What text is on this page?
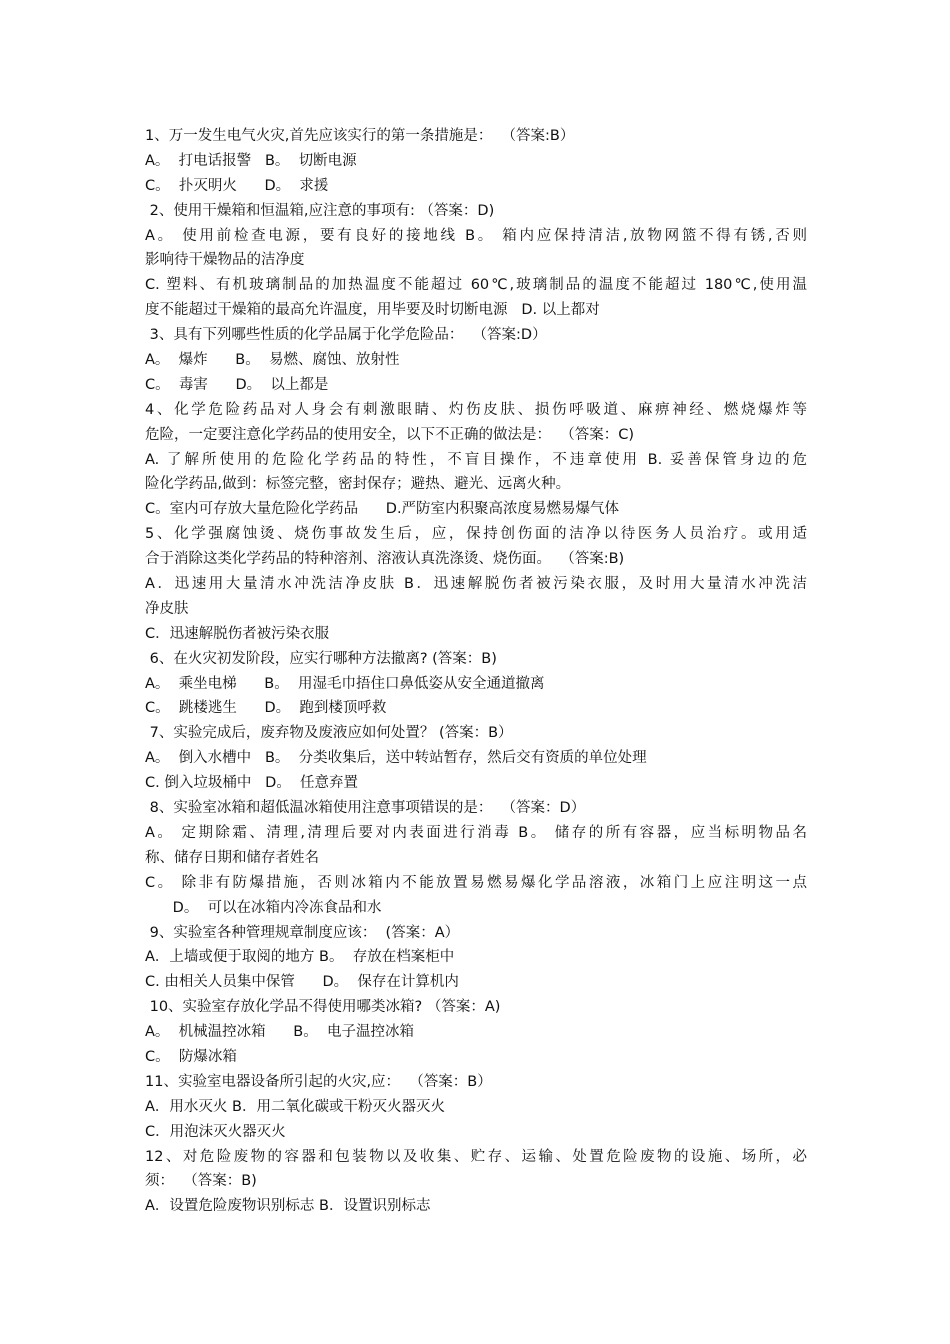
1、万一发生电气火灾,首先应该实行的第一条措施是：  （答案:B）
A。  打电话报警   B。  切断电源
C。  扑灭明火      D。  求援
2、使用干燥箱和恒温箱,应注意的事项有: （答案：D)
A。 使用前检查电源，要有良好的接地线 B。 箱内应保持清洁,放物网篮不得有锈,否则
影响待干燥物品的洁净度
C. 塑料、有机玻璃制品的加热温度不能超过 60℃,玻璃制品的温度不能超过 180℃,使用温
度不能超过干燥箱的最高允许温度，用毕要及时切断电源   D. 以上都对
3、具有下列哪些性质的化学品属于化学危险品：  （答案:D）
A。  爆炸      B。  易燃、腐蚀、放射性
C。  毒害      D。  以上都是
4、化学危险药品对人身会有刺激眼睛、灼伤皮肤、损伤呼吸道、麻痹神经、燃烧爆炸等
危险，一定要注意化学药品的使用安全，以下不正确的做法是：  （答案：C)
A. 了解所使用的危险化学药品的特性，不盲目操作，不违章使用 B. 妥善保管身边的危
险化学药品,做到：标签完整，密封保存；避热、避光、远离火种。
C。室内可存放大量危险化学药品      D.严防室内积聚高浓度易燃易爆气体
5、化学强腐蚀烫、烧伤事故发生后，应，保持创伤面的洁净以待医务人员治疗。或用适
合于消除这类化学药品的特种溶剂、溶液认真洗涤烫、烧伤面。  （答案:B)
A．迅速用大量清水冲洗洁净皮肤 B．迅速解脱伤者被污染衣服，及时用大量清水冲洗洁
净皮肤
C．迅速解脱伤者被污染衣服
6、在火灾初发阶段，应实行哪种方法撤离? (答案：B)
A。  乘坐电梯      B。  用湿毛巾捂住口鼻低姿从安全通道撤离
C。  跳楼逃生      D。  跑到楼顶呼救
7、实验完成后，废弃物及废液应如何处置？ (答案：B）
A。  倒入水槽中   B。  分类收集后，送中转站暂存，然后交有资质的单位处理
C. 倒入垃圾桶中   D。  任意弃置
8、实验室冰箱和超低温冰箱使用注意事项错误的是：  （答案：D）
A。 定期除霜、清理,清理后要对内表面进行消毒 B。 储存的所有容器，应当标明物品名
称、储存日期和储存者姓名
C。 除非有防爆措施，否则冰箱内不能放置易燃易爆化学品溶液，冰箱门上应注明这一点
D。  可以在冰箱内冷冻食品和水
9、实验室各种管理规章制度应该：  (答案：A）
A．上墙或便于取阅的地方 B。  存放在档案柜中
C. 由相关人员集中保管      D。  保存在计算机内
10、实验室存放化学品不得使用哪类冰箱? （答案：A)
A。  机械温控冰箱      B。  电子温控冰箱
C。  防爆冰箱
11、实验室电器设备所引起的火灾,应：  （答案：B）
A．用水灭火 B．用二氧化碳或干粉灭火器灭火
C．用泡沫灭火器灭火
12、对危险废物的容器和包装物以及收集、贮存、运输、处置危险废物的设施、场所，必
须：  （答案：B)
A．设置危险废物识别标志 B．设置识别标志
